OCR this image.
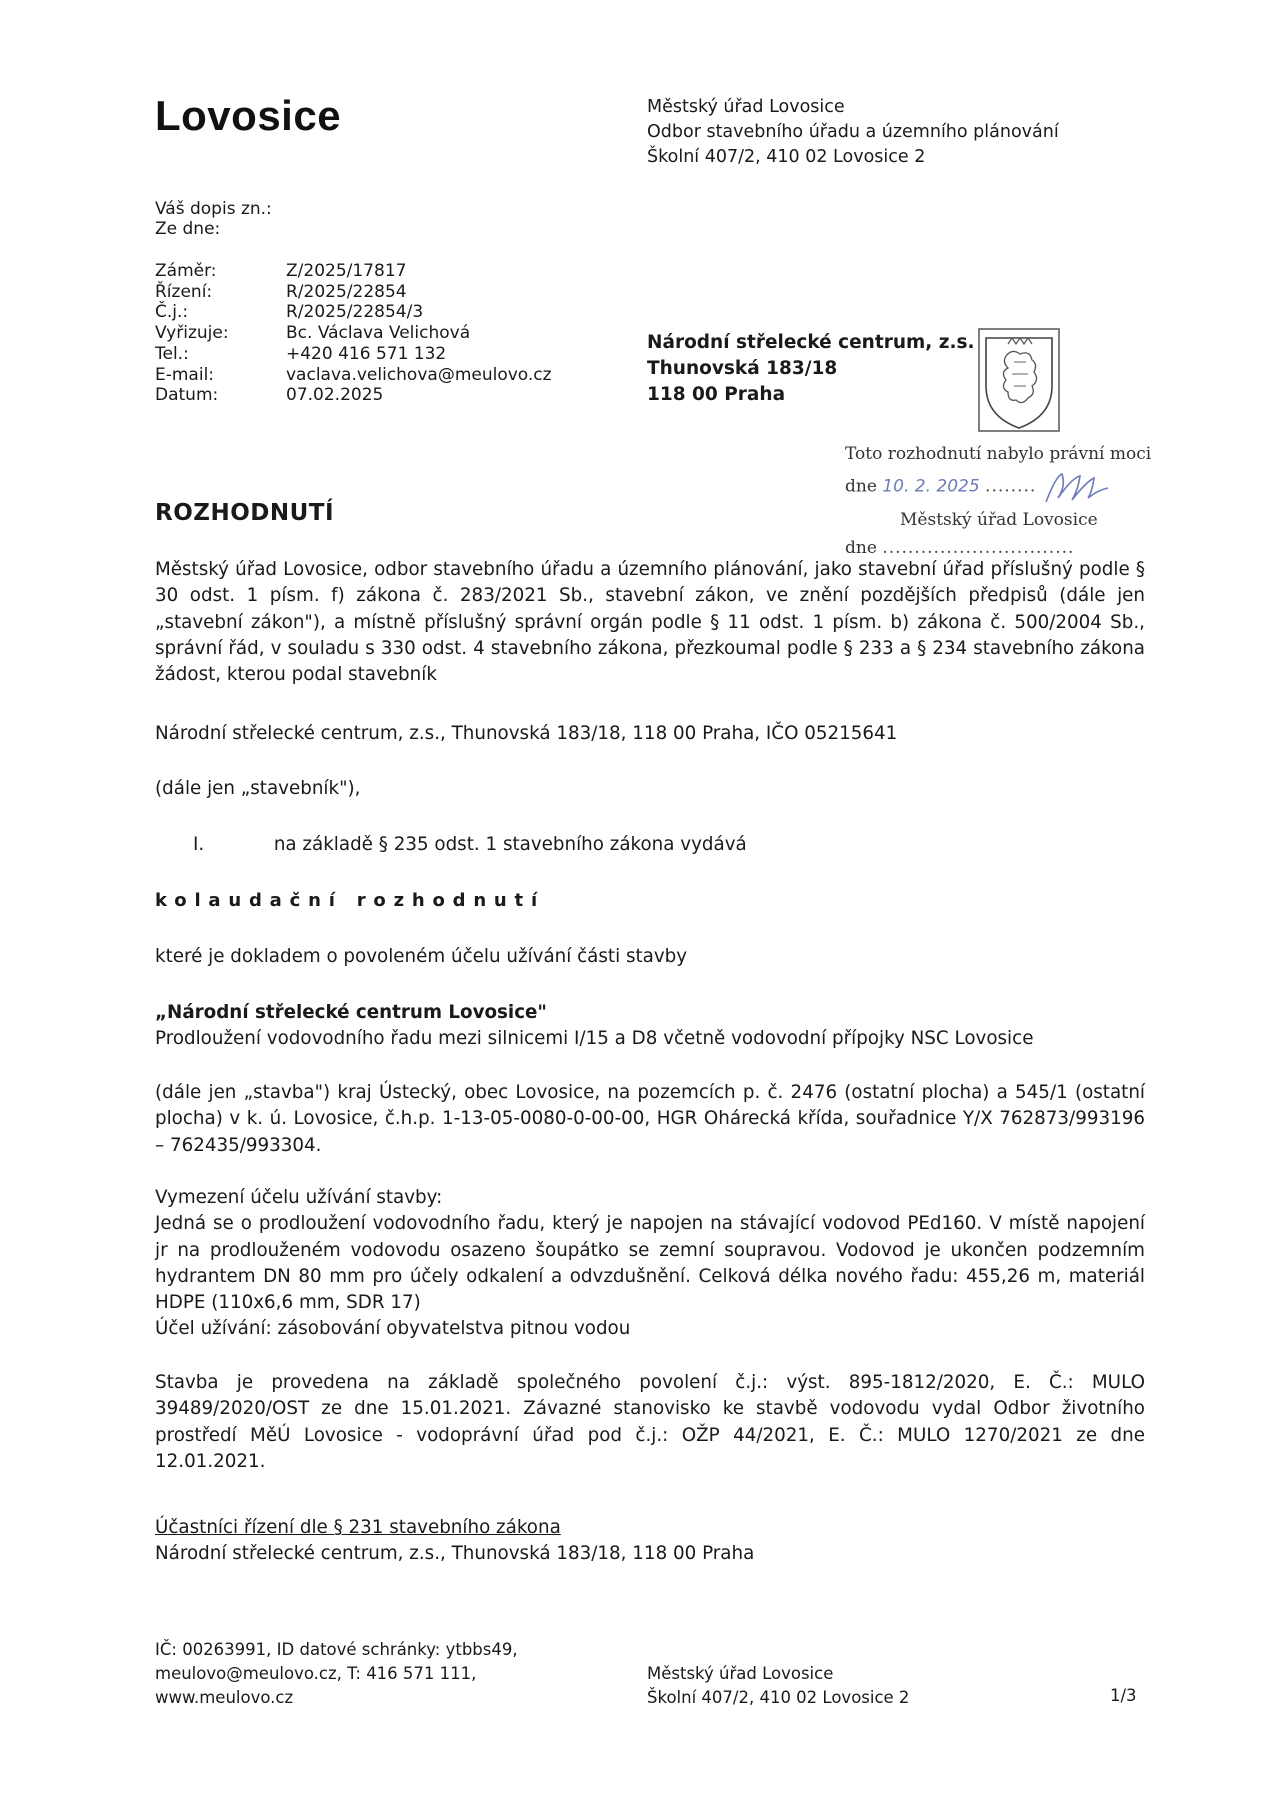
Lovosice	Městský úřad Lovosice
Odbor stavebního úřadu a územního plánování
Školní 407/2, 410 02 Lovosice 2
Váš dopis zn.:
Ze dne:
Záměr:	Z/2025/17817
Řízení:	R/2025/22854
Č.j.:	R/2025/22854/3
Vyřizuje:	Bc. Václava Velichová
Tel.:	+420 416 571 132
E-mail:	vaclava.velichova@meulovo.cz
Datum:	07.02.2025
Národní střelecké centrum, z.s.
Thunovská 183/18
118 00 Praha
Toto rozhodnutí nabylo právní moci
dne 10. 2. 2025 ........
Městský úřad Lovosice
dne ..............................
ROZHODNUTÍ
Městský úřad Lovosice, odbor stavebního úřadu a územního plánování, jako stavební úřad příslušný podle § 30 odst. 1 písm. f) zákona č. 283/2021 Sb., stavební zákon, ve znění pozdějších předpisů (dále jen „stavební zákon"), a místně příslušný správní orgán podle § 11 odst. 1 písm. b) zákona č. 500/2004 Sb., správní řád, v souladu s 330 odst. 4 stavebního zákona, přezkoumal podle § 233 a § 234 stavebního zákona žádost, kterou podal stavebník
Národní střelecké centrum, z.s., Thunovská 183/18, 118 00 Praha, IČO 05215641
(dále jen „stavebník"),
I.	na základě § 235 odst. 1 stavebního zákona vydává
kolaudační rozhodnutí
které je dokladem o povoleném účelu užívání části stavby
„Národní střelecké centrum Lovosice"
Prodloužení vodovodního řadu mezi silnicemi I/15 a D8 včetně vodovodní přípojky NSC Lovosice
(dále jen „stavba") kraj Ústecký, obec Lovosice, na pozemcích p. č. 2476 (ostatní plocha) a 545/1 (ostatní plocha) v k. ú. Lovosice, č.h.p. 1-13-05-0080-0-00-00, HGR Ohárecká křída, souřadnice Y/X 762873/993196 – 762435/993304.
Vymezení účelu užívání stavby:
Jedná se o prodloužení vodovodního řadu, který je napojen na stávající vodovod PEd160. V místě napojení jr na prodlouženém vodovodu osazeno šoupátko se zemní soupravou. Vodovod je ukončen podzemním hydrantem DN 80 mm pro účely odkalení a odvzdušnění. Celková délka nového řadu: 455,26 m, materiál HDPE (110x6,6 mm, SDR 17)
Účel užívání: zásobování obyvatelstva pitnou vodou
Stavba je provedena na základě společného povolení č.j.: výst. 895-1812/2020, E. Č.: MULO 39489/2020/OST ze dne 15.01.2021. Závazné stanovisko ke stavbě vodovodu vydal Odbor životního prostředí MěÚ Lovosice - vodoprávní úřad pod č.j.: OŽP 44/2021, E. Č.: MULO 1270/2021 ze dne 12.01.2021.
Účastníci řízení dle § 231 stavebního zákona
Národní střelecké centrum, z.s., Thunovská 183/18, 118 00 Praha
IČ: 00263991, ID datové schránky: ytbbs49,
meulovo@meulovo.cz, T: 416 571 111,
www.meulovo.cz
Městský úřad Lovosice
Školní 407/2, 410 02 Lovosice 2	1/3
